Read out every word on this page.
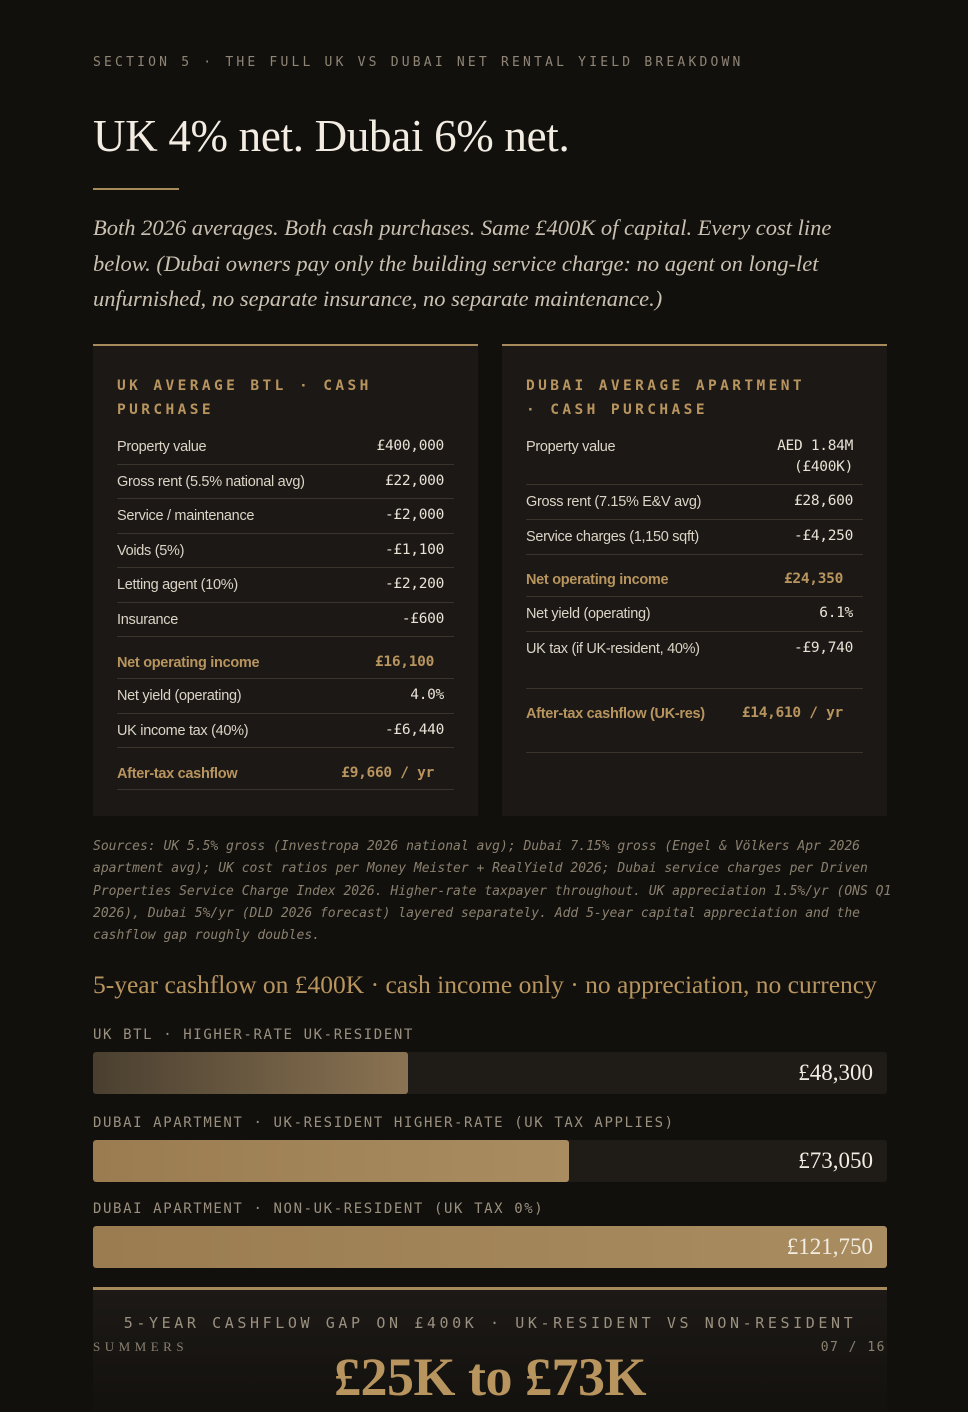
SECTION 5 · THE FULL UK VS DUBAI NET RENTAL YIELD BREAKDOWN
UK 4% net. Dubai 6% net.
Both 2026 averages. Both cash purchases. Same £400K of capital. Every cost line below. (Dubai owners pay only the building service charge: no agent on long-let unfurnished, no separate insurance, no separate maintenance.)
UK AVERAGE BTL · CASH PURCHASE
Property value	£400,000
Gross rent (5.5% national avg)	£22,000
Service / maintenance	-£2,000
Voids (5%)	-£1,100
Letting agent (10%)	-£2,200
Insurance	-£600
Net operating income	£16,100
Net yield (operating)	4.0%
UK income tax (40%)	-£6,440
After-tax cashflow	£9,660 / yr
DUBAI AVERAGE APARTMENT · CASH PURCHASE
Property value	AED 1.84M
(£400K)
Gross rent (7.15% E&V avg)	£28,600
Service charges (1,150 sqft)	-£4,250
Net operating income	£24,350
Net yield (operating)	6.1%
UK tax (if UK-resident, 40%)	-£9,740
After-tax cashflow (UK-res)	£14,610 / yr
Sources: UK 5.5% gross (Investropa 2026 national avg); Dubai 7.15% gross (Engel & Völkers Apr 2026 apartment avg); UK cost ratios per Money Meister + RealYield 2026; Dubai service charges per Driven Properties Service Charge Index 2026. Higher-rate taxpayer throughout. UK appreciation 1.5%/yr (ONS Q1 2026), Dubai 5%/yr (DLD 2026 forecast) layered separately. Add 5-year capital appreciation and the cashflow gap roughly doubles.
5-year cashflow on £400K · cash income only · no appreciation, no currency
UK BTL · HIGHER-RATE UK-RESIDENT
£48,300
DUBAI APARTMENT · UK-RESIDENT HIGHER-RATE (UK TAX APPLIES)
£73,050
DUBAI APARTMENT · NON-UK-RESIDENT (UK TAX 0%)
£121,750
5-YEAR CASHFLOW GAP ON £400K · UK-RESIDENT VS NON-RESIDENT
£25K to £73K
SUMMERS	07 / 16
